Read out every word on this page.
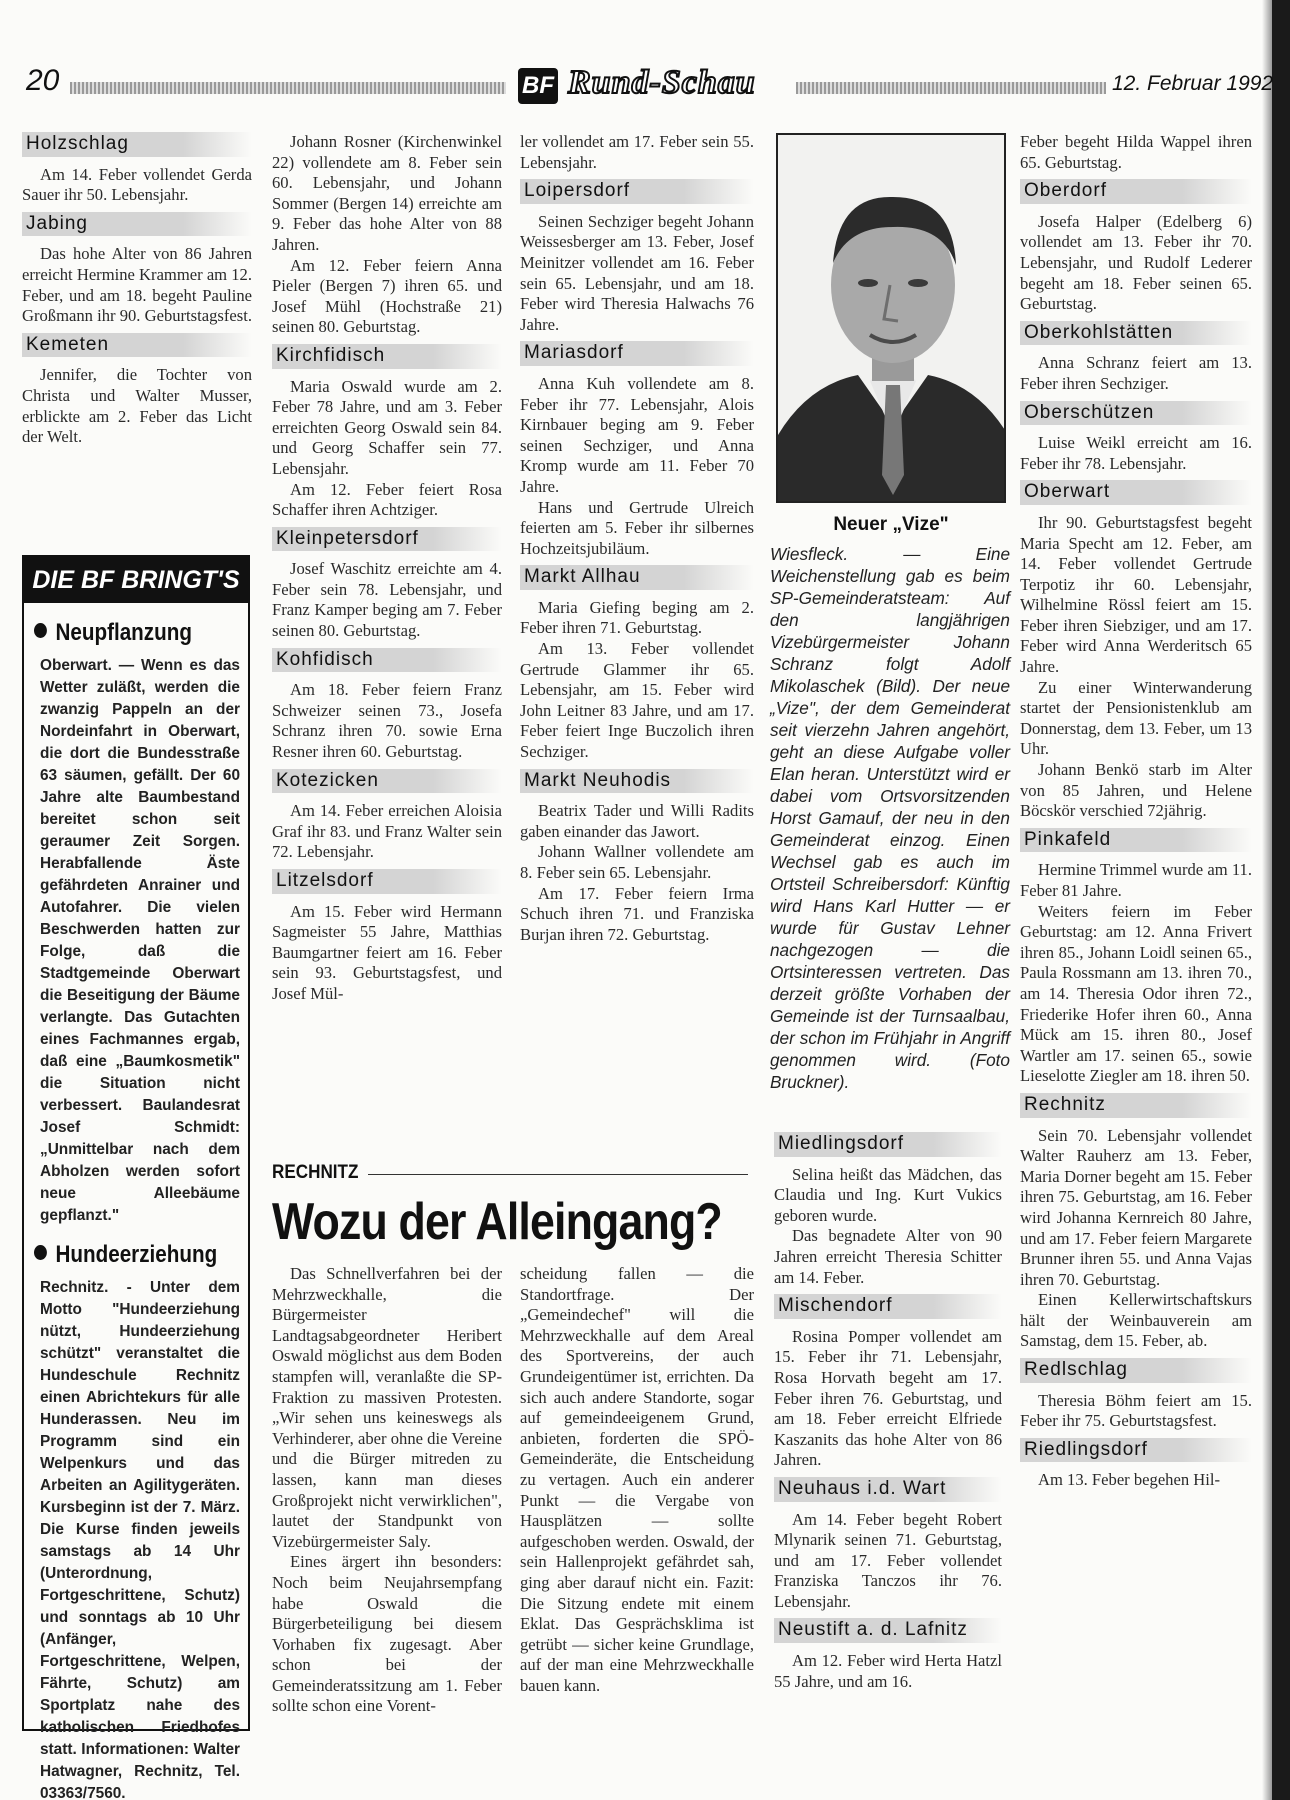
20	BF Rund-Schau	12. Februar 1992
Holzschlag

Am 14. Feber vollendet Gerda Sauer ihr 50. Lebensjahr.

Jabing

Das hohe Alter von 86 Jahren erreicht Hermine Krammer am 12. Feber, und am 18. begeht Pauline Großmann ihr 90. Geburtstagsfest.

Kemeten

Jennifer, die Tochter von Christa und Walter Musser, erblickte am 2. Feber das Licht der Welt.

DIE BF BRINGT'S
Neupflanzung
Oberwart. — Wenn es das Wetter zuläßt, werden die zwanzig Pappeln an der Nordeinfahrt in Oberwart, die dort die Bundesstraße 63 säumen, gefällt. Der 60 Jahre alte Baumbestand bereitet schon seit geraumer Zeit Sorgen. Herabfallende Äste gefährdeten Anrainer und Autofahrer. Die vielen Beschwerden hatten zur Folge, daß die Stadtgemeinde Oberwart die Beseitigung der Bäume verlangte. Das Gutachten eines Fachmannes ergab, daß eine „Baumkosmetik" die Situation nicht verbessert. Baulandesrat Josef Schmidt: „Unmittelbar nach dem Abholzen werden sofort neue Alleebäume gepflanzt."
Hundeerziehung
Rechnitz. - Unter dem Motto "Hundeerziehung nützt, Hundeerziehung schützt" veranstaltet die Hundeschule Rechnitz einen Abrichtekurs für alle Hunderassen. Neu im Programm sind ein Welpenkurs und das Arbeiten an Agilitygeräten. Kursbeginn ist der 7. März. Die Kurse finden jeweils samstags ab 14 Uhr (Unterordnung, Fortgeschrittene, Schutz) und sonntags ab 10 Uhr (Anfänger, Fortgeschrittene, Welpen, Fährte, Schutz) am Sportplatz nahe des katholischen Friedhofes statt. Informationen: Walter Hatwagner, Rechnitz, Tel. 03363/7560.

Johann Rosner (Kirchenwinkel 22) vollendete am 8. Feber sein 60. Lebensjahr, und Johann Sommer (Bergen 14) erreichte am 9. Feber das hohe Alter von 88 Jahren.

Am 12. Feber feiern Anna Pieler (Bergen 7) ihren 65. und Josef Mühl (Hochstraße 21) seinen 80. Geburtstag.

Kirchfidisch

Maria Oswald wurde am 2. Feber 78 Jahre, und am 3. Feber erreichten Georg Oswald sein 84. und Georg Schaffer sein 77. Lebensjahr.

Am 12. Feber feiert Rosa Schaffer ihren Achtziger.

Kleinpetersdorf

Josef Waschitz erreichte am 4. Feber sein 78. Lebensjahr, und Franz Kamper beging am 7. Feber seinen 80. Geburtstag.

Kohfidisch

Am 18. Feber feiern Franz Schweizer seinen 73., Josefa Schranz ihren 70. sowie Erna Resner ihren 60. Geburtstag.

Kotezicken

Am 14. Feber erreichen Aloisia Graf ihr 83. und Franz Walter sein 72. Lebensjahr.

Litzelsdorf

Am 15. Feber wird Hermann Sagmeister 55 Jahre, Matthias Baumgartner feiert am 16. Feber sein 93. Geburtstagsfest, und Josef Mül-

ler vollendet am 17. Feber sein 55. Lebensjahr.

Loipersdorf

Seinen Sechziger begeht Johann Weissesberger am 13. Feber, Josef Meinitzer vollendet am 16. Feber sein 65. Lebensjahr, und am 18. Feber wird Theresia Halwachs 76 Jahre.

Mariasdorf

Anna Kuh vollendete am 8. Feber ihr 77. Lebensjahr, Alois Kirnbauer beging am 9. Feber seinen Sechziger, und Anna Kromp wurde am 11. Feber 70 Jahre.

Hans und Gertrude Ulreich feierten am 5. Feber ihr silbernes Hochzeitsjubiläum.

Markt Allhau

Maria Giefing beging am 2. Feber ihren 71. Geburtstag.

Am 13. Feber vollendet Gertrude Glammer ihr 65. Lebensjahr, am 15. Feber wird John Leitner 83 Jahre, und am 17. Feber feiert Inge Buczolich ihren Sechziger.

Markt Neuhodis

Beatrix Tader und Willi Radits gaben einander das Jawort.

Johann Wallner vollendete am 8. Feber sein 65. Lebensjahr.

Am 17. Feber feiern Irma Schuch ihren 71. und Franziska Burjan ihren 72. Geburtstag.

Neuer „Vize"
Wiesfleck. — Eine Weichenstellung gab es beim SP-Gemeinderatsteam: Auf den langjährigen Vizebürgermeister Johann Schranz folgt Adolf Mikolaschek (Bild). Der neue „Vize", der dem Gemeinderat seit vierzehn Jahren angehört, geht an diese Aufgabe voller Elan heran. Unterstützt wird er dabei vom Ortsvorsitzenden Horst Gamauf, der neu in den Gemeinderat einzog. Einen Wechsel gab es auch im Ortsteil Schreibersdorf: Künftig wird Hans Karl Hutter — er wurde für Gustav Lehner nachgezogen — die Ortsinteressen vertreten. Das derzeit größte Vorhaben der Gemeinde ist der Turnsaalbau, der schon im Frühjahr in Angriff genommen wird. (Foto Bruckner).
RECHNITZ
Wozu der Alleingang?

Das Schnellverfahren bei der Mehrzweckhalle, die Bürgermeister Landtagsabgeordneter Heribert Oswald möglichst aus dem Boden stampfen will, veranlaßte die SP-Fraktion zu massiven Protesten. „Wir sehen uns keineswegs als Verhinderer, aber ohne die Vereine und die Bürger mitreden zu lassen, kann man dieses Großprojekt nicht verwirklichen", lautet der Standpunkt von Vizebürgermeister Saly.

Eines ärgert ihn besonders: Noch beim Neujahrsempfang habe Oswald die Bürgerbeteiligung bei diesem Vorhaben fix zugesagt. Aber schon bei der Gemeinderatssitzung am 1. Feber sollte schon eine Vorent-

scheidung fallen — die Standortfrage. Der „Gemeindechef" will die Mehrzweckhalle auf dem Areal des Sportvereins, der auch Grundeigentümer ist, errichten. Da sich auch andere Standorte, sogar auf gemeindeeigenem Grund, anbieten, forderten die SPÖ-Gemeinderäte, die Entscheidung zu vertagen. Auch ein anderer Punkt — die Vergabe von Hausplätzen — sollte aufgeschoben werden. Oswald, der sein Hallenprojekt gefährdet sah, ging aber darauf nicht ein. Fazit: Die Sitzung endete mit einem Eklat. Das Gesprächsklima ist getrübt — sicher keine Grundlage, auf der man eine Mehrzweckhalle bauen kann.

Miedlingsdorf

Selina heißt das Mädchen, das Claudia und Ing. Kurt Vukics geboren wurde.

Das begnadete Alter von 90 Jahren erreicht Theresia Schitter am 14. Feber.

Mischendorf

Rosina Pomper vollendet am 15. Feber ihr 71. Lebensjahr, Rosa Horvath begeht am 17. Feber ihren 76. Geburtstag, und am 18. Feber erreicht Elfriede Kaszanits das hohe Alter von 86 Jahren.

Neuhaus i.d. Wart

Am 14. Feber begeht Robert Mlynarik seinen 71. Geburtstag, und am 17. Feber vollendet Franziska Tanczos ihr 76. Lebensjahr.

Neustift a. d. Lafnitz

Am 12. Feber wird Herta Hatzl 55 Jahre, und am 16.

Feber begeht Hilda Wappel ihren 65. Geburtstag.

Oberdorf

Josefa Halper (Edelberg 6) vollendet am 13. Feber ihr 70. Lebensjahr, und Rudolf Lederer begeht am 18. Feber seinen 65. Geburtstag.

Oberkohlstätten

Anna Schranz feiert am 13. Feber ihren Sechziger.

Oberschützen

Luise Weikl erreicht am 16. Feber ihr 78. Lebensjahr.

Oberwart

Ihr 90. Geburtstagsfest begeht Maria Specht am 12. Feber, am 14. Feber vollendet Gertrude Terpotiz ihr 60. Lebensjahr, Wilhelmine Rössl feiert am 15. Feber ihren Siebziger, und am 17. Feber wird Anna Werderitsch 65 Jahre.

Zu einer Winterwanderung startet der Pensionistenklub am Donnerstag, dem 13. Feber, um 13 Uhr.

Johann Benkö starb im Alter von 85 Jahren, und Helene Böcskör verschied 72jährig.

Pinkafeld

Hermine Trimmel wurde am 11. Feber 81 Jahre.

Weiters feiern im Feber Geburtstag: am 12. Anna Frivert ihren 85., Johann Loidl seinen 65., Paula Rossmann am 13. ihren 70., am 14. Theresia Odor ihren 72., Friederike Hofer ihren 60., Anna Mück am 15. ihren 80., Josef Wartler am 17. seinen 65., sowie Lieselotte Ziegler am 18. ihren 50.

Rechnitz

Sein 70. Lebensjahr vollendet Walter Rauherz am 13. Feber, Maria Dorner begeht am 15. Feber ihren 75. Geburtstag, am 16. Feber wird Johanna Kernreich 80 Jahre, und am 17. Feber feiern Margarete Brunner ihren 55. und Anna Vajas ihren 70. Geburtstag.

Einen Kellerwirtschaftskurs hält der Weinbauverein am Samstag, dem 15. Feber, ab.

Redlschlag

Theresia Böhm feiert am 15. Feber ihr 75. Geburtstagsfest.

Riedlingsdorf

Am 13. Feber begehen Hil-
